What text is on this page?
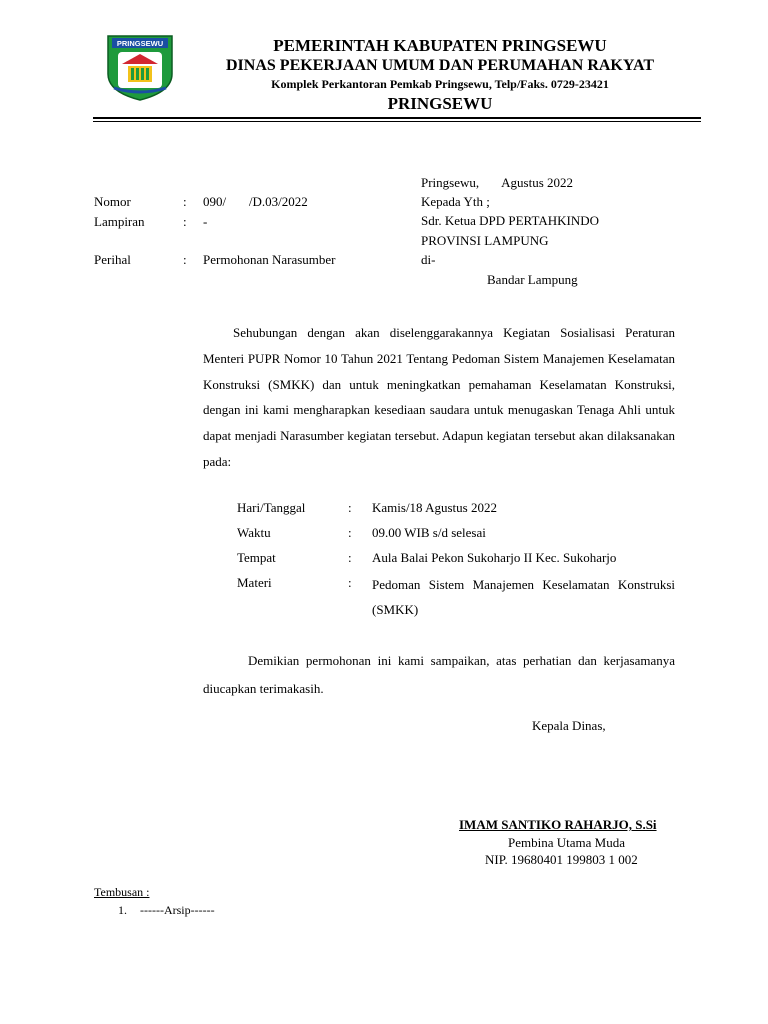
PRINGSEWU	PEMERINTAH KABUPATEN PRINGSEWU
DINAS PEKERJAAN UMUM DAN PERUMAHAN RAKYAT
Komplek Perkantoran Pemkab Pringsewu, Telp/Faks. 0729-23421
PRINGSEWU
Pringsewu,       Agustus 2022
Kepada Yth ;
Sdr. Ketua DPD PERTAHKINDO
PROVINSI LAMPUNG
di-
Bandar Lampung
Nomor	: 090/       /D.03/2022
Lampiran	: -
Perihal	: Permohonan Narasumber

Sehubungan dengan akan diselenggarakannya Kegiatan Sosialisasi Peraturan Menteri PUPR Nomor 10 Tahun 2021 Tentang Pedoman Sistem Manajemen Keselamatan Konstruksi (SMKK) dan untuk meningkatkan pemahaman Keselamatan Konstruksi, dengan ini kami mengharapkan kesediaan saudara untuk menugaskan Tenaga Ahli untuk dapat menjadi Narasumber kegiatan tersebut. Adapun kegiatan tersebut akan dilaksanakan pada:

Hari/Tanggal	: Kamis/18 Agustus 2022
Waktu	: 09.00 WIB s/d selesai
Tempat	: Aula Balai Pekon Sukoharjo II Kec. Sukoharjo
Materi	: Pedoman Sistem Manajemen Keselamatan Konstruksi (SMKK)

Demikian permohonan ini kami sampaikan, atas perhatian dan kerjasamanya diucapkan terimakasih.

Kepala Dinas,
IMAM SANTIKO RAHARJO, S.Si
Pembina Utama Muda
NIP. 19680401 199803 1 002
Tembusan :
1. ------Arsip------
